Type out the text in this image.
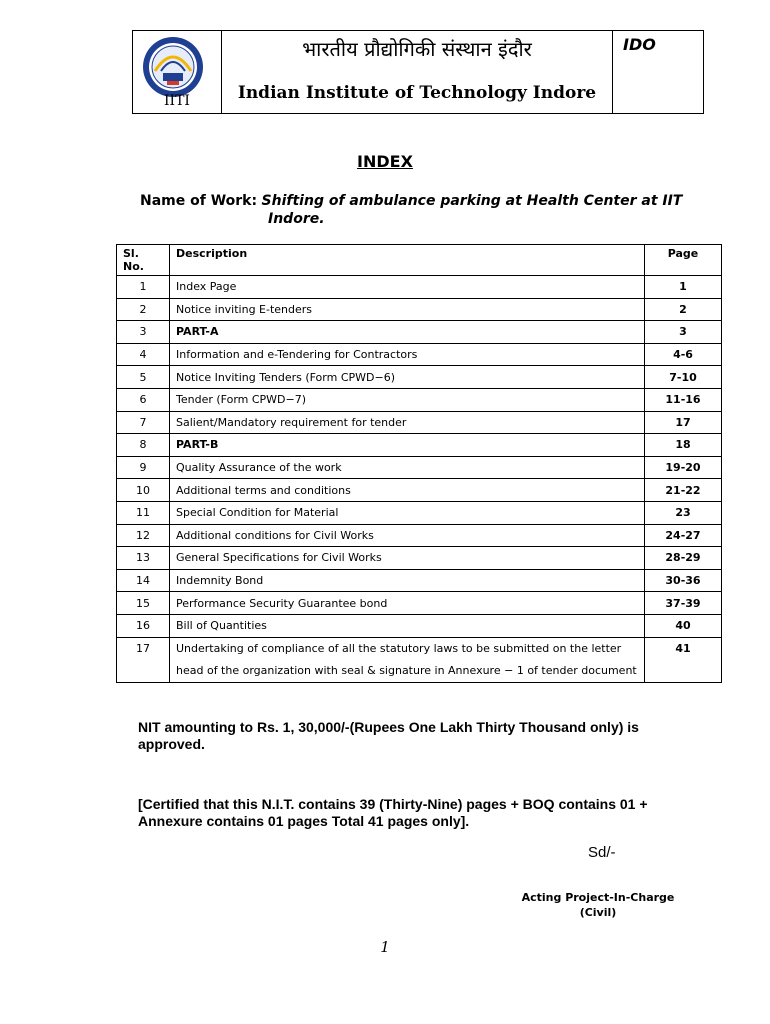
IITI
भारतीय प्रौद्योगिकी संस्थान इंदौर
Indian Institute of Technology Indore
IDO
INDEX
Name of Work: Shifting of ambulance parking at Health Center at IIT
Indore.
Sl.
No.	Description	Page
1	Index Page	1
2	Notice inviting E-tenders	2
3	PART-A	3
4	Information and e-Tendering for Contractors	4-6
5	Notice Inviting Tenders (Form CPWD−6)	7-10
6	Tender (Form CPWD−7)	11-16
7	Salient/Mandatory requirement for tender	17
8	PART-B	18
9	Quality Assurance of the work	19-20
10	Additional terms and conditions	21-22
11	Special Condition for Material	23
12	Additional conditions for Civil Works	24-27
13	General Specifications for Civil Works	28-29
14	Indemnity Bond	30-36
15	Performance Security Guarantee bond	37-39
16	Bill of Quantities	40
17	Undertaking of compliance of all the statutory laws to be submitted on the letter head of the organization with seal & signature in Annexure − 1 of tender document	41
NIT amounting to Rs. 1, 30,000/-(Rupees One Lakh Thirty Thousand only) is approved.
[Certified that this N.I.T. contains 39 (Thirty-Nine) pages + BOQ contains 01 + Annexure contains 01 pages Total 41 pages only].
Sd/-
Acting Project-In-Charge
(Civil)
1
